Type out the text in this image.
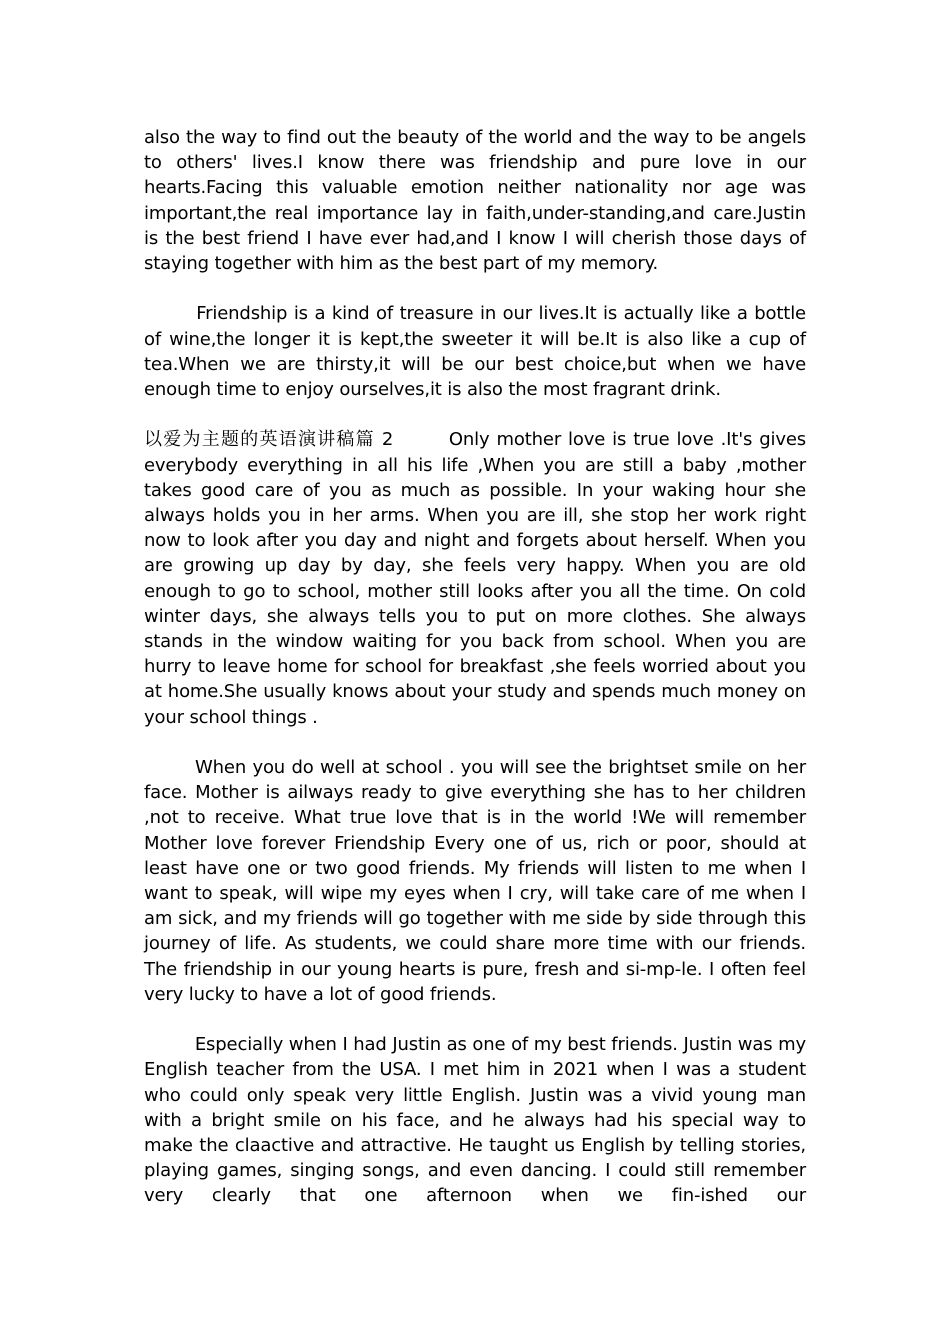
also the way to find out the beauty of the world and the way to be angels to others' lives.I know there was friendship and pure love in our hearts.Facing this valuable emotion neither nationality nor age was important,the real importance lay in faith,under-standing,and care.Justin is the best friend I have ever had,and I know I will cherish those days of staying together with him as the best part of my memory.

Friendship is a kind of treasure in our lives.It is actually like a bottle of wine,the longer it is kept,the sweeter it will be.It is also like a cup of tea.When we are thirsty,it will be our best choice,but when we have enough time to enjoy ourselves,it is also the most fragrant drink.

以爱为主题的英语演讲稿篇 2        Only mother love is true love .It's gives everybody everything in all his life ,When you are still a baby ,mother takes good care of you as much as possible. In your waking hour she always holds you in her arms. When you are ill, she stop her work right now to look after you day and night and forgets about herself. When you are growing up day by day, she feels very happy. When you are old enough to go to school, mother still looks after you all the time. On cold winter days, she always tells you to put on more clothes. She always stands in the window waiting for you back from school. When you are hurry to leave home for school for breakfast ,she feels worried about you at home.She usually knows about your study and spends much money on your school things .

When you do well at school . you will see the brightset smile on her face. Mother is ailways ready to give everything she has to her children ,not to receive. What true love that is in the world !We will remember Mother love forever Friendship Every one of us, rich or poor, should at least have one or two good friends. My friends will listen to me when I want to speak, will wipe my eyes when I cry, will take care of me when I am sick, and my friends will go together with me side by side through this journey of life. As students, we could share more time with our friends. The friendship in our young hearts is pure, fresh and si-mp-le. I often feel very lucky to have a lot of good friends.

Especially when I had Justin as one of my best friends. Justin was my English teacher from the USA. I met him in 2021 when I was a student who could only speak very little English. Justin was a vivid young man with a bright smile on his face, and he always had his special way to make the claactive and attractive. He taught us English by telling stories, playing games, singing songs, and even dancing. I could still remember very clearly that one afternoon when we fin-ished our
